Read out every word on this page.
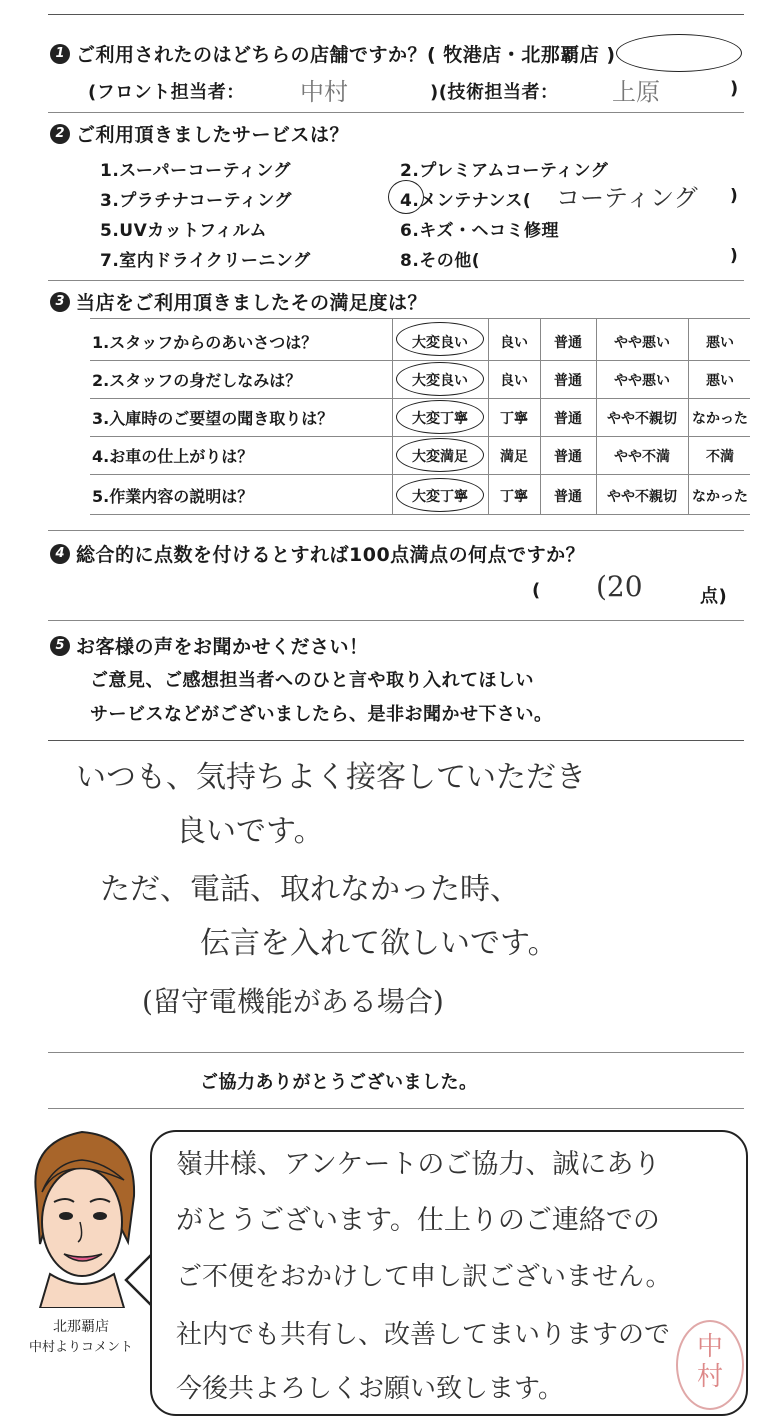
1 ご利用されたのはどちらの店舗ですか？( 牧港店・北那覇店 )
(フロント担当者： 中村	)(技術担当者： 上原	)
2 ご利用頂きましたサービスは？
1.スーパーコーティング	2.プレミアムコーティング
3.プラチナコーティング	4.メンテナンス( コーティング )
5.UVカットフィルム	6.キズ・ヘコミ修理
7.室内ドライクリーニング	8.その他(	)
3 当店をご利用頂きましたその満足度は？
1.スタッフからのあいさつは？	大変良い	良い	普通	やや悪い	悪い
2.スタッフの身だしなみは？	大変良い	良い	普通	やや悪い	悪い
3.入庫時のご要望の聞き取りは？	大変丁寧	丁寧	普通	やや不親切	なかった
4.お車の仕上がりは？	大変満足	満足	普通	やや不満	不満
5.作業内容の説明は？	大変丁寧	丁寧	普通	やや不親切	なかった
4 総合的に点数を付けるとすれば100点満点の何点ですか？
( (20	点)
5 お客様の声をお聞かせください！
ご意見、ご感想担当者へのひと言や取り入れてほしい
サービスなどがございましたら、是非お聞かせ下さい。
いつも、気持ちよく接客していただき
良いです。
ただ、電話、取れなかった時、
伝言を入れて欲しいです。
(留守電機能がある場合)
ご協力ありがとうございました。
北那覇店
中村よりコメント
嶺井様、アンケートのご協力、誠にあり
がとうございます。仕上りのご連絡での
ご不便をおかけして申し訳ございません。
社内でも共有し、改善してまいりますので
今後共よろしくお願い致します。
中
村
